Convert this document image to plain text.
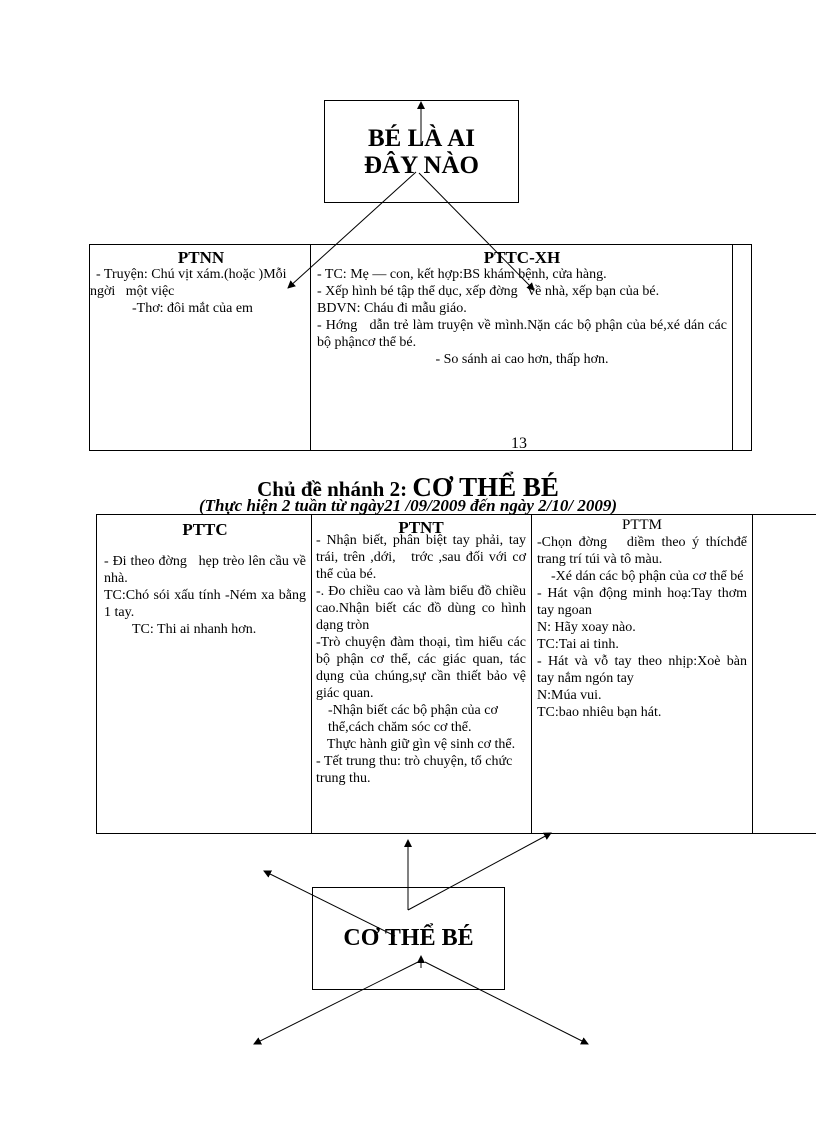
BÉ LÀ AI ĐÂY NÀO
PTNN
- Truyện: Chú vịt xám.(hoặc )Mỗi
ngời   một việc
-Thơ: đôi mắt của em
PTTC-XH
- TC: Mẹ — con, kết hợp:BS khám bệnh, cửa hàng.
- Xếp hình bé tập thể dục, xếp đờng   về nhà, xếp bạn của bé.
BDVN: Cháu đi mẫu giáo.
- Hớng   dẫn trẻ làm truyện về mình.Nặn các bộ phận của bé,xé dán các bộ phậncơ thể bé.
- So sánh ai cao hơn, thấp hơn.
13
Chủ đề nhánh 2: CƠ THỂ BÉ
(Thực hiện 2 tuần từ ngày21 /09/2009 đến ngày 2/10/ 2009)
PTTC
- Đi theo đờng   hẹp trèo lên cầu về nhà.
TC:Chó sói xấu tính -Ném xa bằng 1 tay.
TC: Thi ai nhanh hơn.
PTNT
- Nhận biết, phân biệt tay phải, tay trái, trên ,dới,   trớc ,sau đối với cơ thể của bé.
-. Đo chiều cao và làm biểu đồ chiều cao.Nhận biết các đồ dùng co hình dạng tròn
-Trò chuyện đàm thoại, tìm hiểu các bộ phận cơ thể, các giác quan, tác dụng của chúng,sự cần thiết bảo vệ giác quan.
-Nhận biết các bộ phận của cơ thể,cách chăm sóc cơ thể.
Thực hành giữ gìn vệ sinh cơ thể.
- Tết trung thu: trò chuyện, tổ chức trung thu.
PTTM
-Chọn đờng   diềm theo ý thíchđể trang trí túi và tô màu.
-Xé dán các bộ phận của cơ thể bé
- Hát vận động minh hoạ:Tay thơm tay ngoan
N: Hãy xoay nào.
TC:Tai ai tinh.
- Hát và vỗ tay theo nhịp:Xoè bàn tay nắm ngón tay
N:Múa vui.
TC:bao nhiêu bạn hát.
CƠ THỂ BÉ
